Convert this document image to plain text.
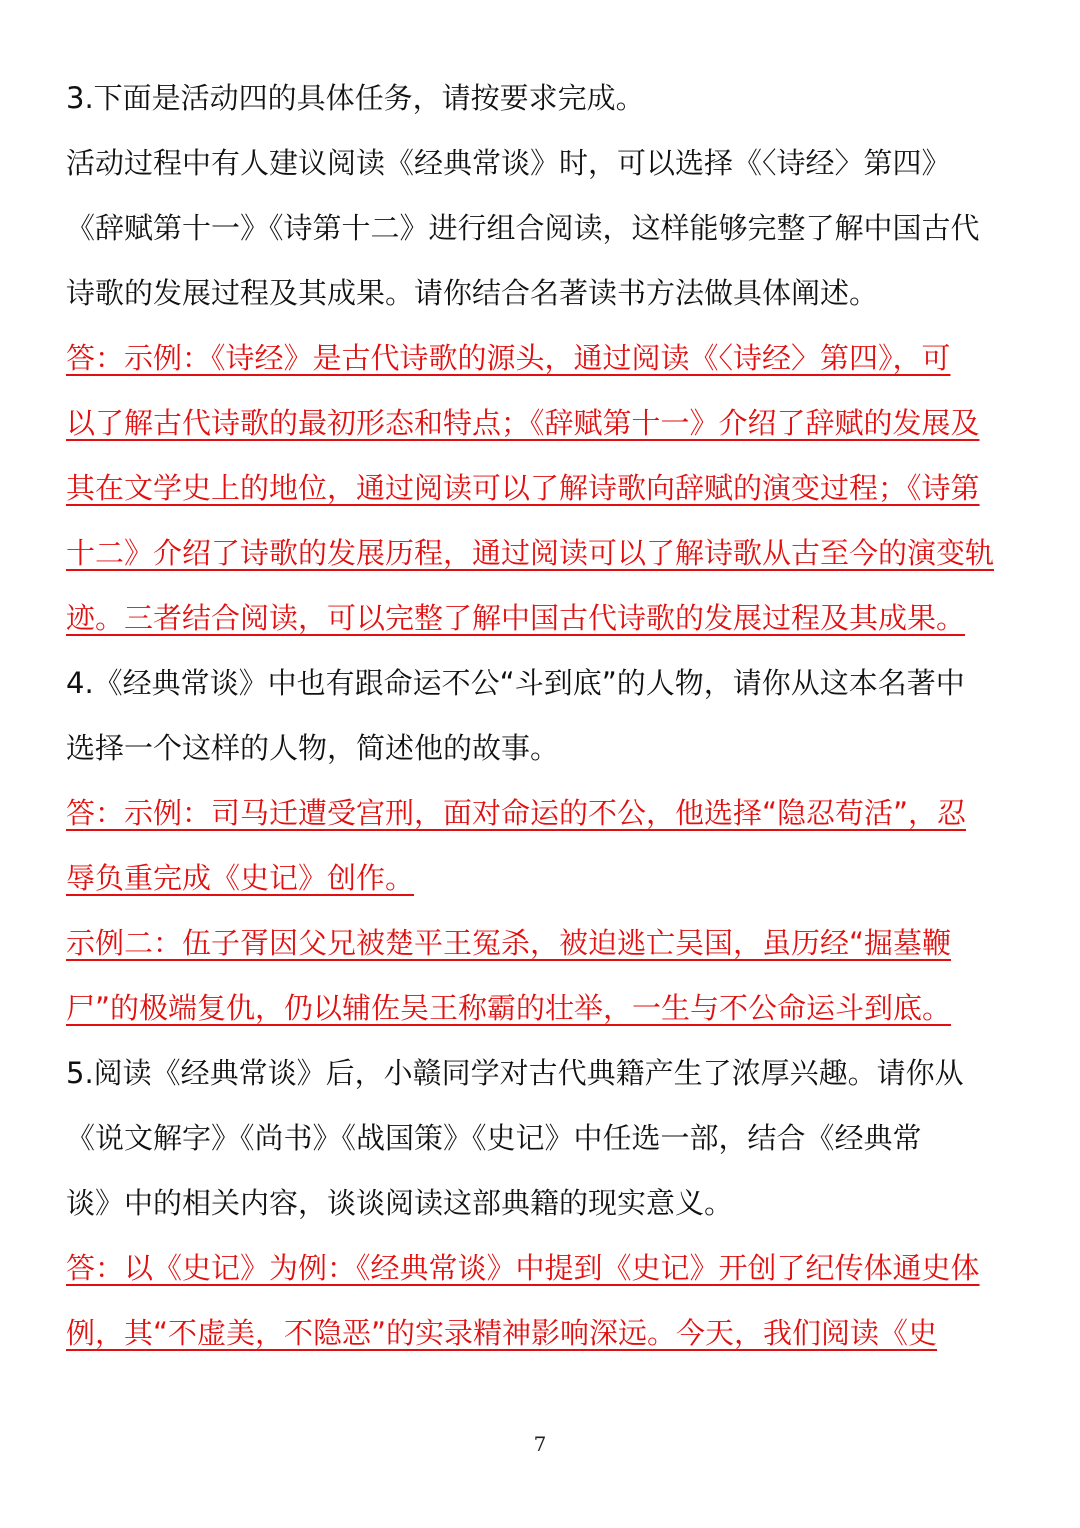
3.下面是活动四的具体任务，请按要求完成。
活动过程中有人建议阅读《经典常谈》时，可以选择《〈诗经〉第四》
《辞赋第十一》《诗第十二》进行组合阅读，这样能够完整了解中国古代
诗歌的发展过程及其成果。请你结合名著读书方法做具体阐述。
答：示例：《诗经》是古代诗歌的源头，通过阅读《〈诗经〉第四》，可
以了解古代诗歌的最初形态和特点；《辞赋第十一》介绍了辞赋的发展及
其在文学史上的地位，通过阅读可以了解诗歌向辞赋的演变过程；《诗第
十二》介绍了诗歌的发展历程，通过阅读可以了解诗歌从古至今的演变轨
迹。三者结合阅读，可以完整了解中国古代诗歌的发展过程及其成果。
4.《经典常谈》中也有跟命运不公“斗到底”的人物，请你从这本名著中
选择一个这样的人物，简述他的故事。
答：示例：司马迁遭受宫刑，面对命运的不公，他选择“隐忍苟活”，忍
辱负重完成《史记》创作。
示例二：伍子胥因父兄被楚平王冤杀，被迫逃亡吴国，虽历经“掘墓鞭
尸”的极端复仇，仍以辅佐吴王称霸的壮举，一生与不公命运斗到底。
5.阅读《经典常谈》后，小赣同学对古代典籍产生了浓厚兴趣。请你从
《说文解字》《尚书》《战国策》《史记》中任选一部，结合《经典常
谈》中的相关内容，谈谈阅读这部典籍的现实意义。
答：以《史记》为例：《经典常谈》中提到《史记》开创了纪传体通史体
例，其“不虚美，不隐恶”的实录精神影响深远。今天，我们阅读《史
7
